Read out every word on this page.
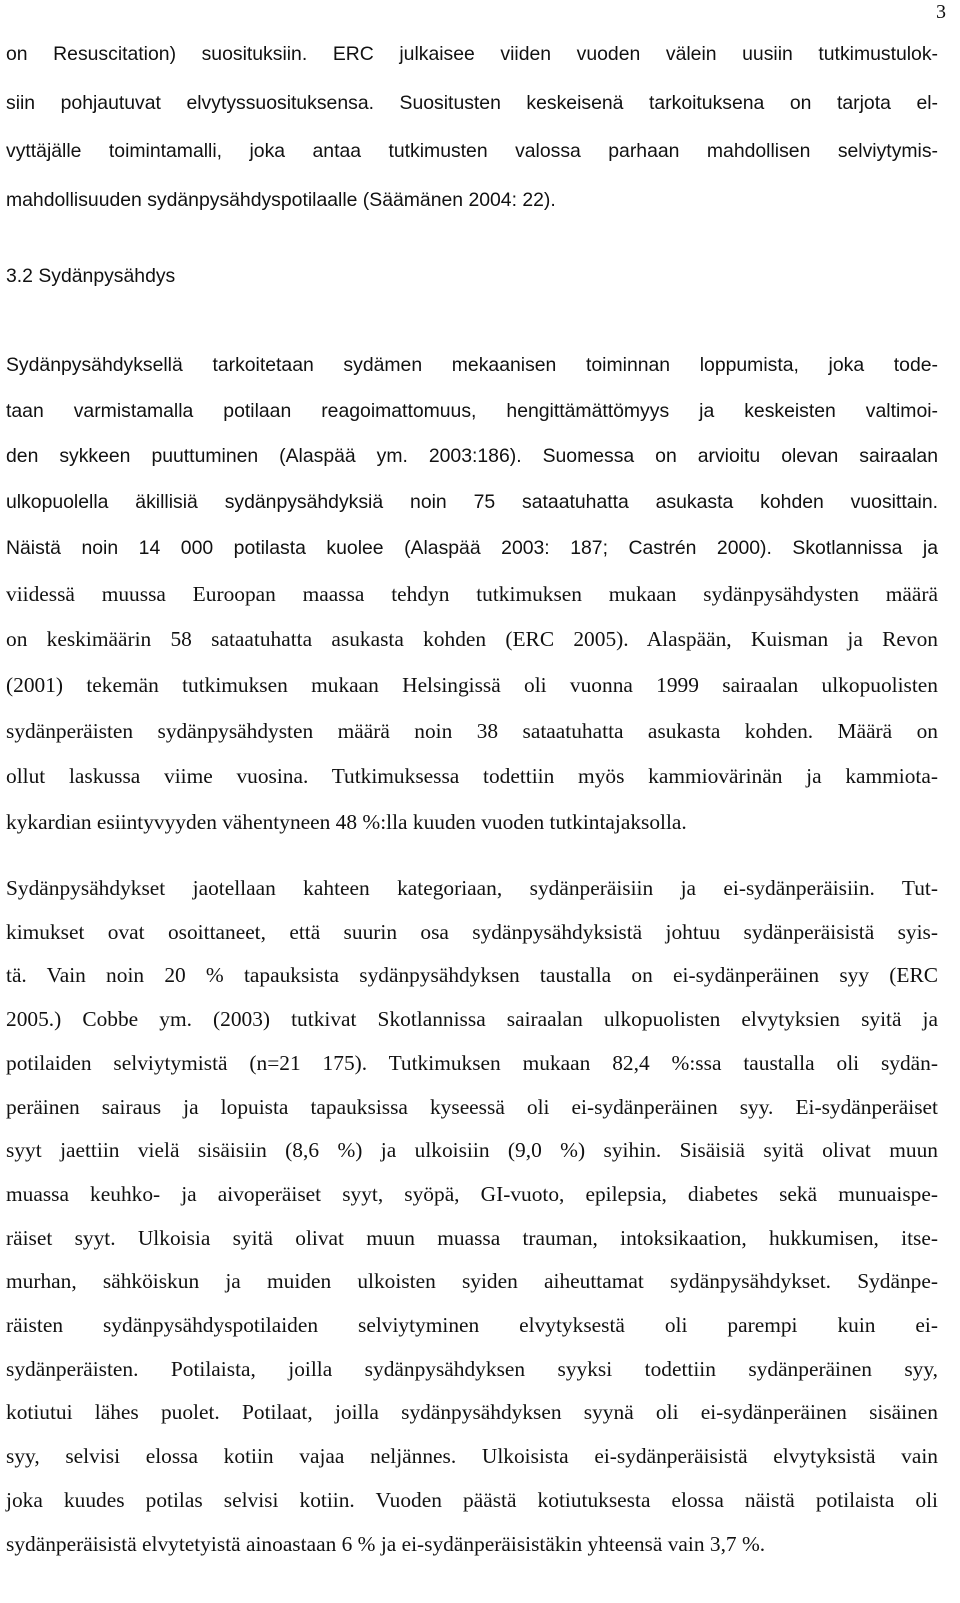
3
on Resuscitation) suosituksiin. ERC julkaisee viiden vuoden välein uusiin tutkimustulok-
siin pohjautuvat elvytyssuosituksensa. Suositusten keskeisenä tarkoituksena on tarjota el-
vyttäjälle toimintamalli, joka antaa tutkimusten valossa parhaan mahdollisen selviytymis-
mahdollisuuden sydänpysähdyspotilaalle (Säämänen 2004: 22).
3.2 Sydänpysähdys
Sydänpysähdyksellä tarkoitetaan sydämen mekaanisen toiminnan loppumista, joka tode-
taan varmistamalla potilaan reagoimattomuus, hengittämättömyys ja keskeisten valtimoi-
den sykkeen puuttuminen (Alaspää ym. 2003:186). Suomessa on arvioitu olevan sairaalan
ulkopuolella äkillisiä sydänpysähdyksiä noin 75 sataatuhatta asukasta kohden vuosittain.
Näistä noin 14 000 potilasta kuolee (Alaspää 2003: 187; Castrén 2000). Skotlannissa ja
viidessä muussa Euroopan maassa tehdyn tutkimuksen mukaan sydänpysähdysten määrä
on keskimäärin 58 sataatuhatta asukasta kohden (ERC 2005). Alaspään, Kuisman ja Revon
(2001) tekemän tutkimuksen mukaan Helsingissä oli vuonna 1999 sairaalan ulkopuolisten
sydänperäisten sydänpysähdysten määrä noin 38 sataatuhatta asukasta kohden. Määrä on
ollut laskussa viime vuosina. Tutkimuksessa todettiin myös kammiovärinän ja kammiota-
kykardian esiintyvyyden vähentyneen 48 %:lla kuuden vuoden tutkintajaksolla.
Sydänpysähdykset jaotellaan kahteen kategoriaan, sydänperäisiin ja ei-sydänperäisiin. Tut-
kimukset ovat osoittaneet, että suurin osa sydänpysähdyksistä johtuu sydänperäisistä syis-
tä. Vain noin 20 % tapauksista sydänpysähdyksen taustalla on ei-sydänperäinen syy (ERC
2005.) Cobbe ym. (2003) tutkivat Skotlannissa sairaalan ulkopuolisten elvytyksien syitä ja
potilaiden selviytymistä (n=21 175). Tutkimuksen mukaan 82,4 %:ssa taustalla oli sydän-
peräinen sairaus ja lopuista tapauksissa kyseessä oli ei-sydänperäinen syy. Ei-sydänperäiset
syyt jaettiin vielä sisäisiin (8,6 %) ja ulkoisiin (9,0 %) syihin. Sisäisiä syitä olivat muun
muassa keuhko- ja aivoperäiset syyt, syöpä, GI-vuoto, epilepsia, diabetes sekä munuaispe-
räiset syyt. Ulkoisia syitä olivat muun muassa trauman, intoksikaation, hukkumisen, itse-
murhan, sähköiskun ja muiden ulkoisten syiden aiheuttamat sydänpysähdykset. Sydänpe-
räisten sydänpysähdyspotilaiden selviytyminen elvytyksestä oli parempi kuin ei-
sydänperäisten. Potilaista, joilla sydänpysähdyksen syyksi todettiin sydänperäinen syy,
kotiutui lähes puolet. Potilaat, joilla sydänpysähdyksen syynä oli ei-sydänperäinen sisäinen
syy, selvisi elossa kotiin vajaa neljännes. Ulkoisista ei-sydänperäisistä elvytyksistä vain
joka kuudes potilas selvisi kotiin. Vuoden päästä kotiutuksesta elossa näistä potilaista oli
sydänperäisistä elvytetyistä ainoastaan 6 % ja ei-sydänperäisistäkin yhteensä vain 3,7 %.
